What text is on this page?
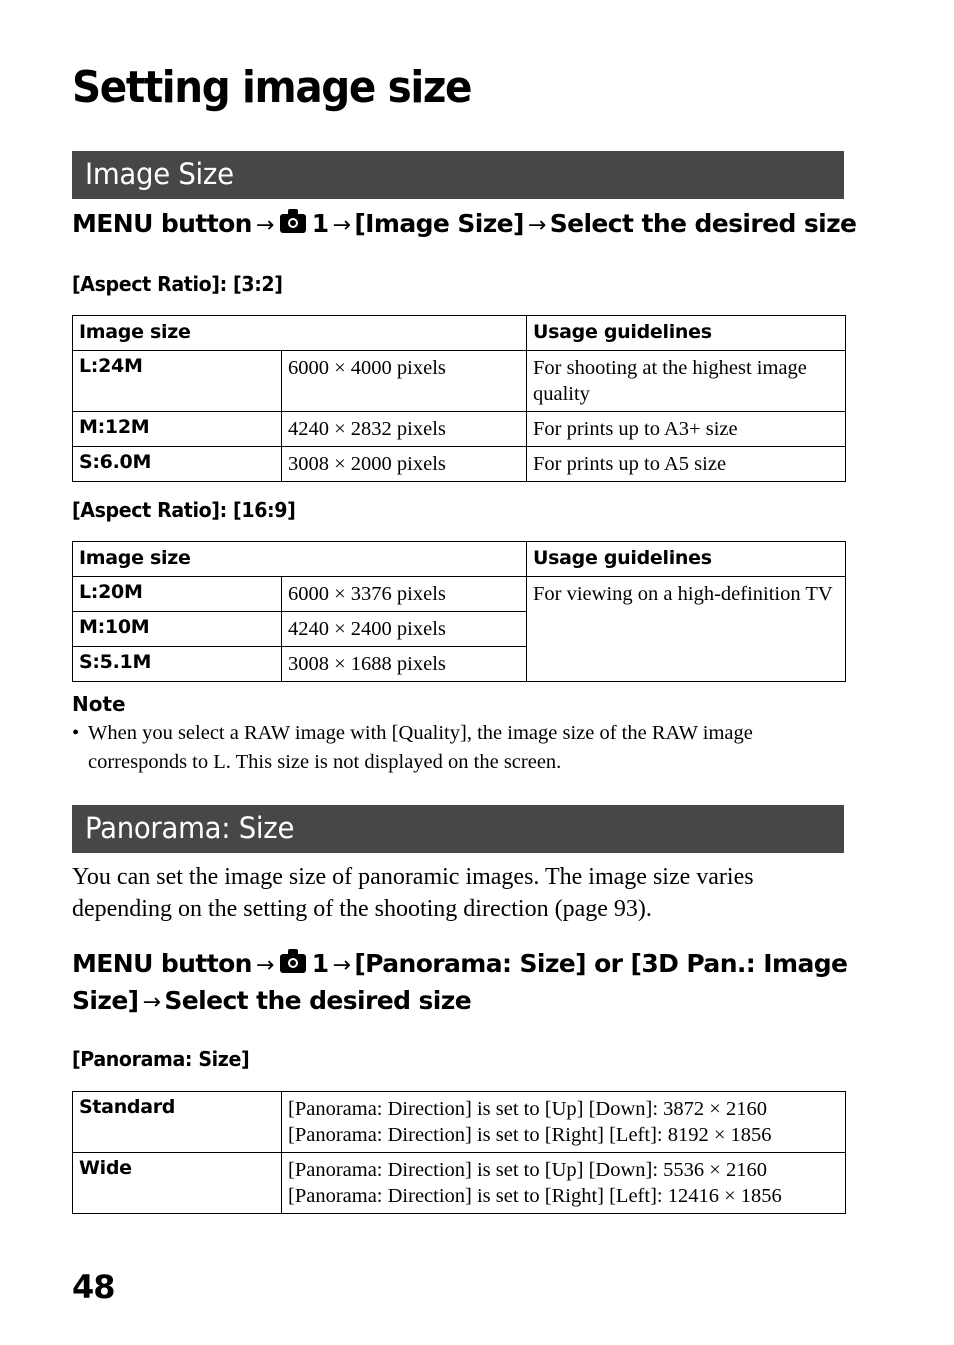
Setting image size
Image Size
MENU button → 1 → [Image Size] → Select the desired size
[Aspect Ratio]: [3:2]
Image size		Usage guidelines
L:24M	6000 × 4000 pixels	For shooting at the highest image quality
M:12M	4240 × 2832 pixels	For prints up to A3+ size
S:6.0M	3008 × 2000 pixels	For prints up to A5 size
[Aspect Ratio]: [16:9]
Image size		Usage guidelines
L:20M	6000 × 3376 pixels	For viewing on a high-definition TV
M:10M	4240 × 2400 pixels	
S:5.1M	3008 × 1688 pixels	
Note
• When you select a RAW image with [Quality], the image size of the RAW image corresponds to L. This size is not displayed on the screen.
Panorama: Size
You can set the image size of panoramic images. The image size varies depending on the setting of the shooting direction (page 93).
MENU button → 1 → [Panorama: Size] or [3D Pan.: Image Size] → Select the desired size
[Panorama: Size]
Standard	[Panorama: Direction] is set to [Up] [Down]: 3872 × 2160
[Panorama: Direction] is set to [Right] [Left]: 8192 × 1856

Wide	[Panorama: Direction] is set to [Up] [Down]: 5536 × 2160
[Panorama: Direction] is set to [Right] [Left]: 12416 × 1856
48
